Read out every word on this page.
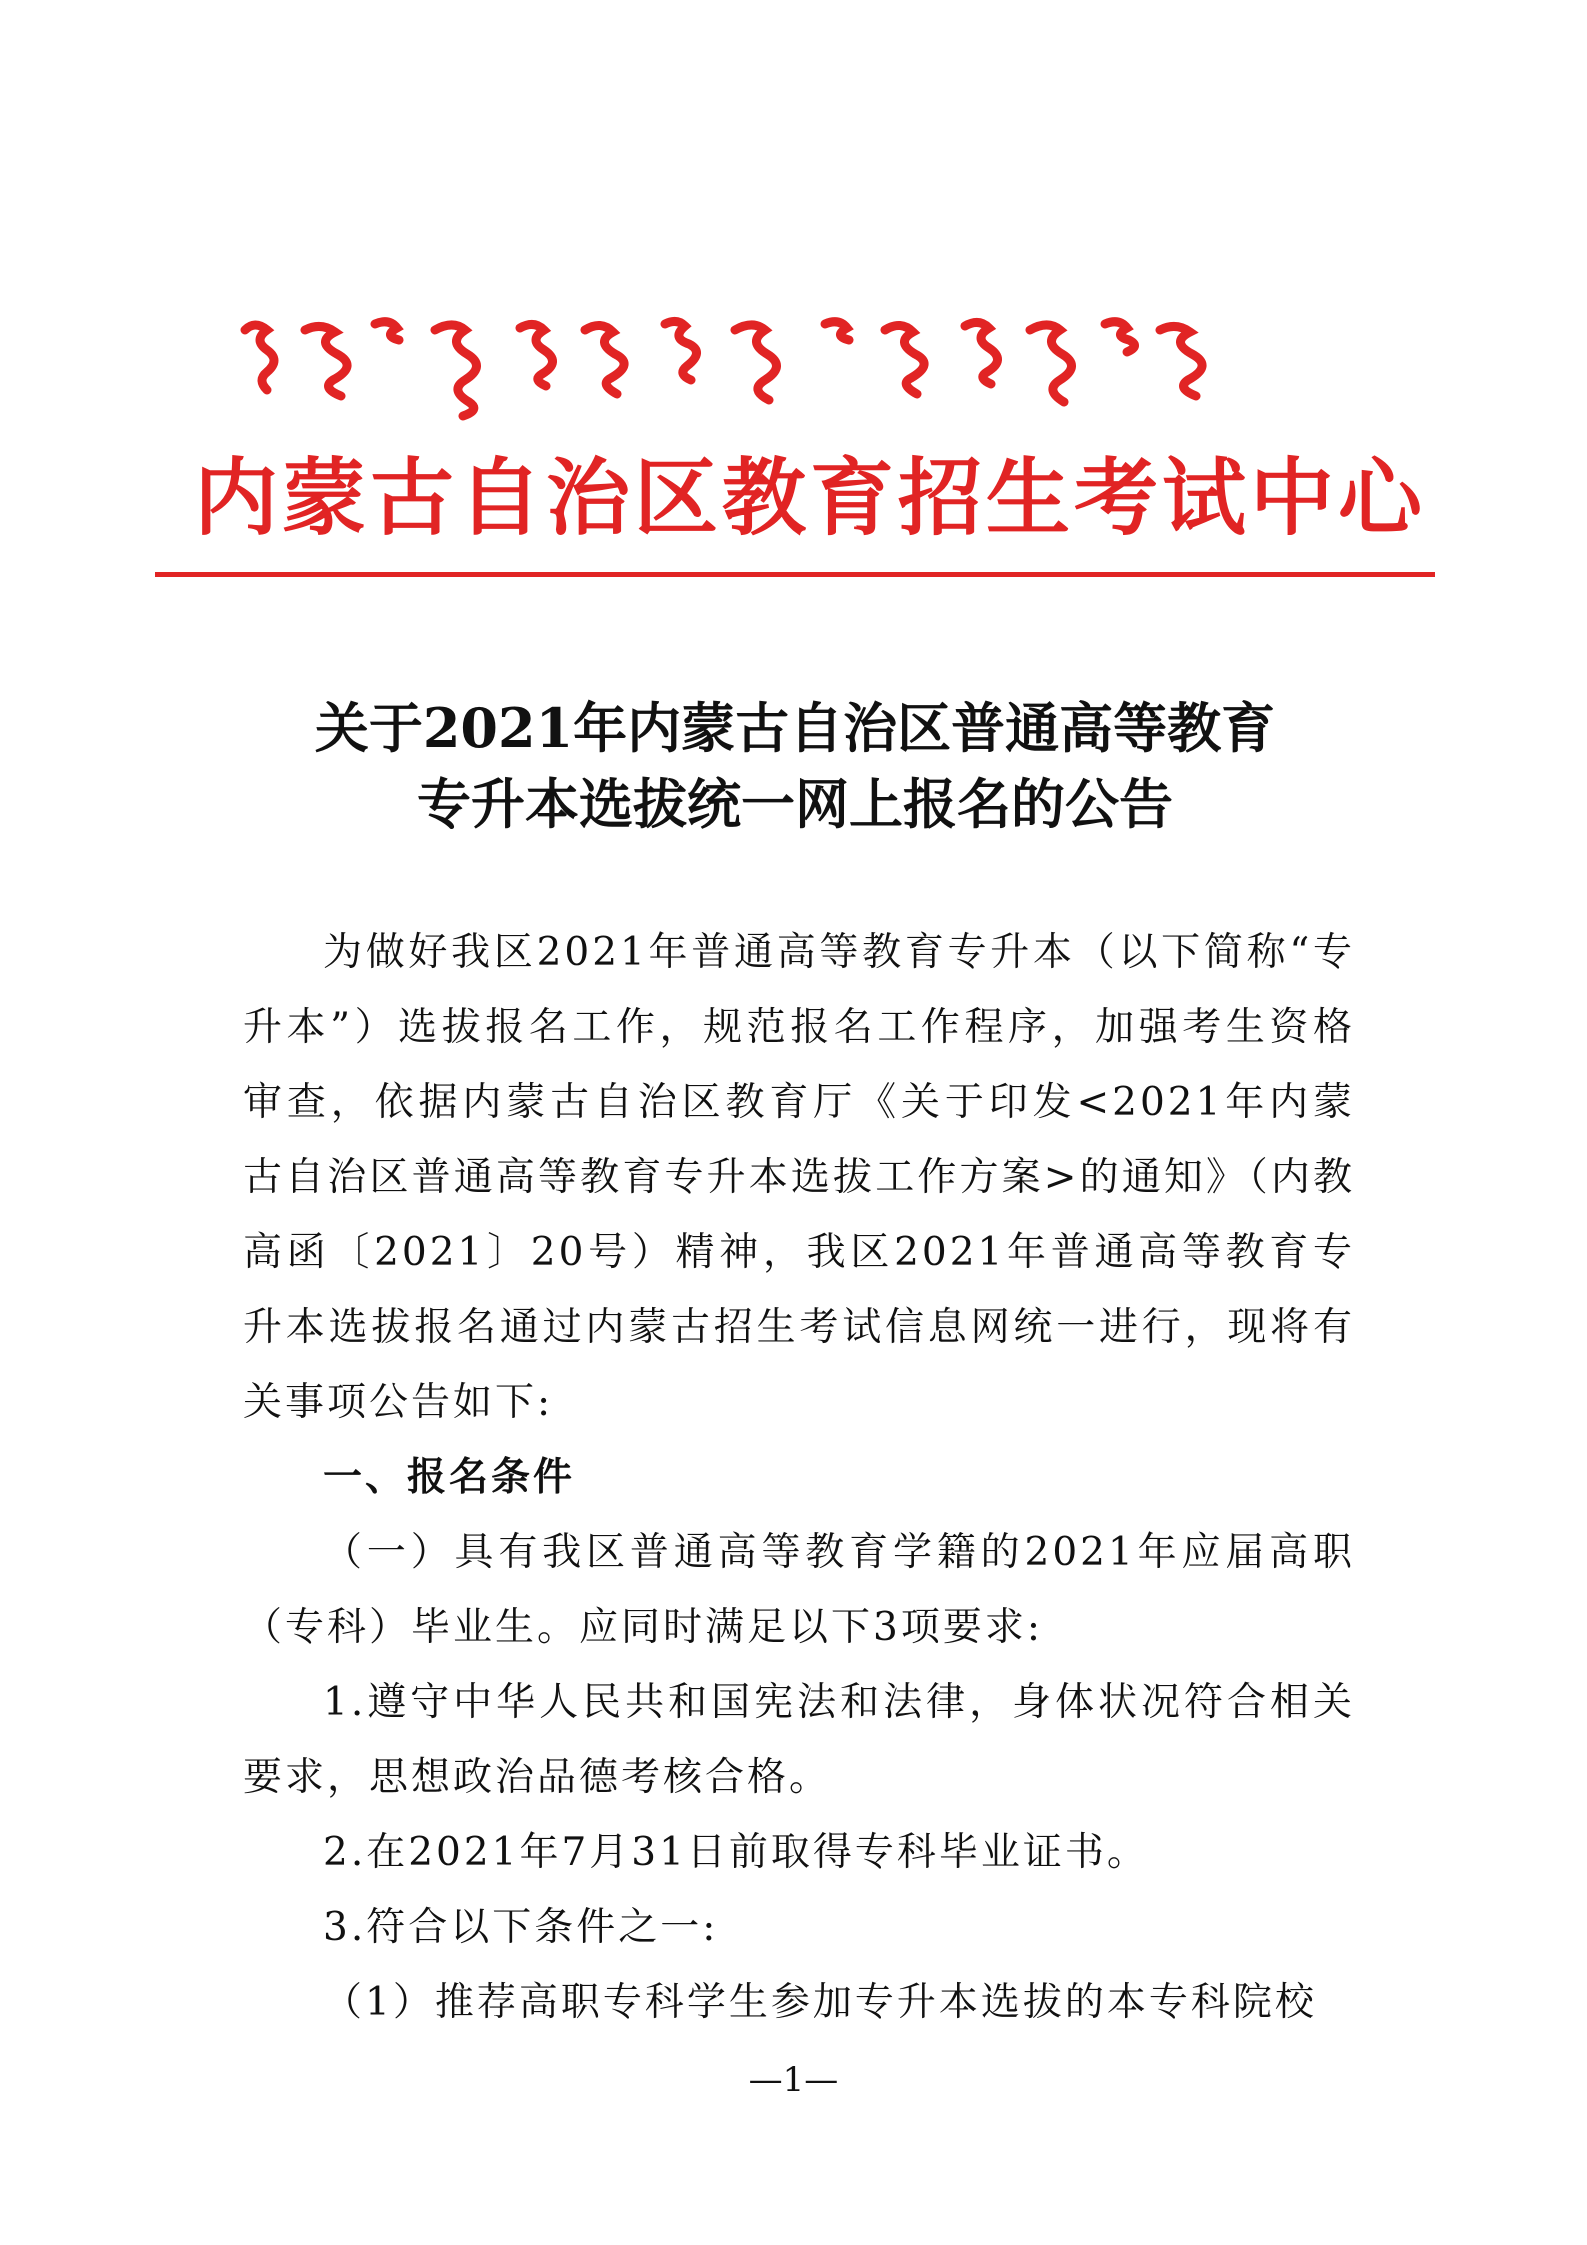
内蒙古自治区教育招生考试中心
关于2021年内蒙古自治区普通高等教育
专升本选拔统一网上报名的公告

为做好我区2021年普通高等教育专升本（以下简称“专升本”）选拔报名工作，规范报名工作程序，加强考生资格审查，依据内蒙古自治区教育厅《关于印发<2021年内蒙古自治区普通高等教育专升本选拔工作方案>的通知》（内教高函〔2021〕20号）精神，我区2021年普通高等教育专升本选拔报名通过内蒙古招生考试信息网统一进行，现将有关事项公告如下:

一、报名条件

（一）具有我区普通高等教育学籍的2021年应届高职（专科）毕业生。应同时满足以下3项要求:

1.遵守中华人民共和国宪法和法律，身体状况符合相关要求，思想政治品德考核合格。

2.在2021年7月31日前取得专科毕业证书。

3.符合以下条件之一:

（1）推荐高职专科学生参加专升本选拔的本专科院校

—1—
